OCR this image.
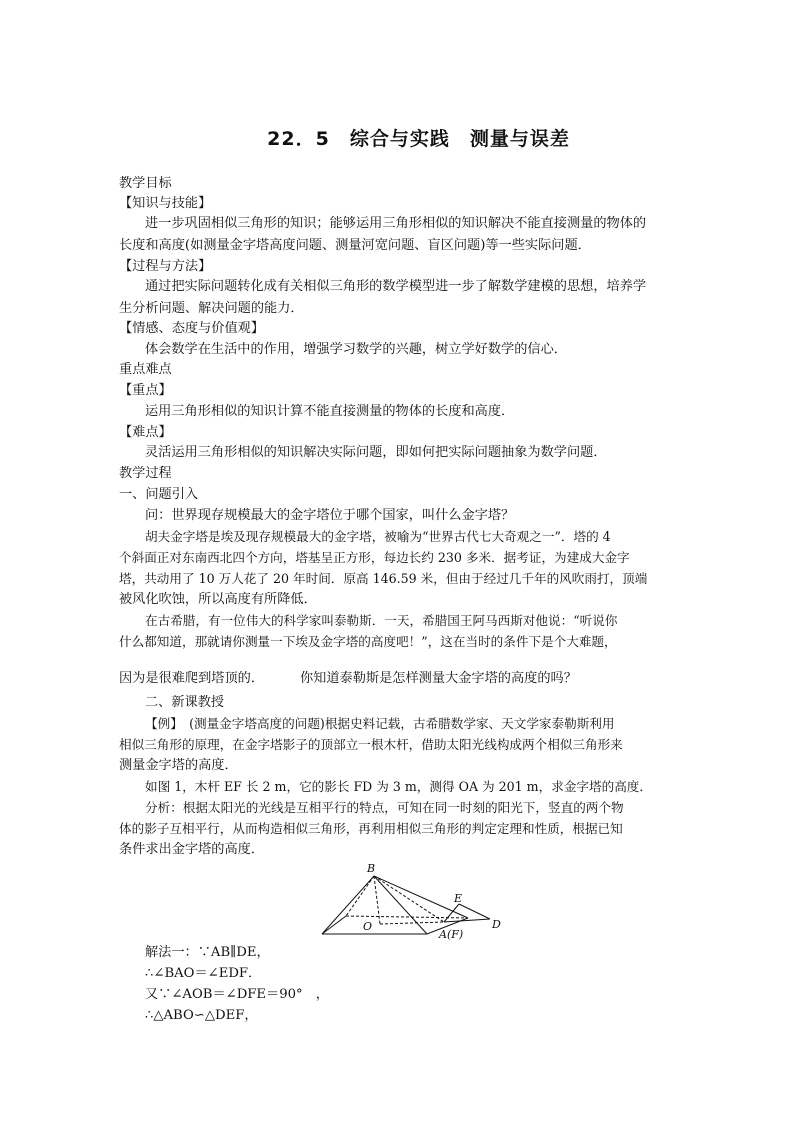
22．5　综合与实践　测量与误差
教学目标
【知识与技能】
进一步巩固相似三角形的知识；能够运用三角形相似的知识解决不能直接测量的物体的
长度和高度(如测量金字塔高度问题、测量河宽问题、盲区问题)等一些实际问题．
【过程与方法】
通过把实际问题转化成有关相似三角形的数学模型进一步了解数学建模的思想，培养学
生分析问题、解决问题的能力．
【情感、态度与价值观】
体会数学在生活中的作用，增强学习数学的兴趣，树立学好数学的信心．
重点难点
【重点】
运用三角形相似的知识计算不能直接测量的物体的长度和高度．
【难点】
灵活运用三角形相似的知识解决实际问题，即如何把实际问题抽象为数学问题．
教学过程
一、问题引入
问：世界现存规模最大的金字塔位于哪个国家，叫什么金字塔？
胡夫金字塔是埃及现存规模最大的金字塔，被喻为“世界古代七大奇观之一”．塔的 4
个斜面正对东南西北四个方向，塔基呈正方形，每边长约 230 多米．据考证，为建成大金字
塔，共动用了 10 万人花了 20 年时间．原高 146.59 米，但由于经过几千年的风吹雨打，顶端
被风化吹蚀，所以高度有所降低．
在古希腊，有一位伟大的科学家叫泰勒斯．一天，希腊国王阿马西斯对他说：“听说你
什么都知道，那就请你测量一下埃及金字塔的高度吧！”，这在当时的条件下是个大难题，
因为是很难爬到塔顶的．	你知道泰勒斯是怎样测量大金字塔的高度的吗？
二、新课教授
【例】　(测量金字塔高度的问题)根据史料记载，古希腊数学家、天文学家泰勒斯利用
相似三角形的原理，在金字塔影子的顶部立一根木杆，借助太阳光线构成两个相似三角形来
测量金字塔的高度．
如图 1，木杆 EF 长 2 m，它的影长 FD 为 3 m，测得 OA 为 201 m，求金字塔的高度．
分析：根据太阳光的光线是互相平行的特点，可知在同一时刻的阳光下，竖直的两个物
体的影子互相平行，从而构造相似三角形，再利用相似三角形的判定定理和性质，根据已知
条件求出金字塔的高度．
B
O
E
D
A(F)
解法一：∵AB∥DE，
∴∠BAO＝∠EDF．
又∵∠AOB＝∠DFE＝90°　，
∴△ABO∽△DEF，
